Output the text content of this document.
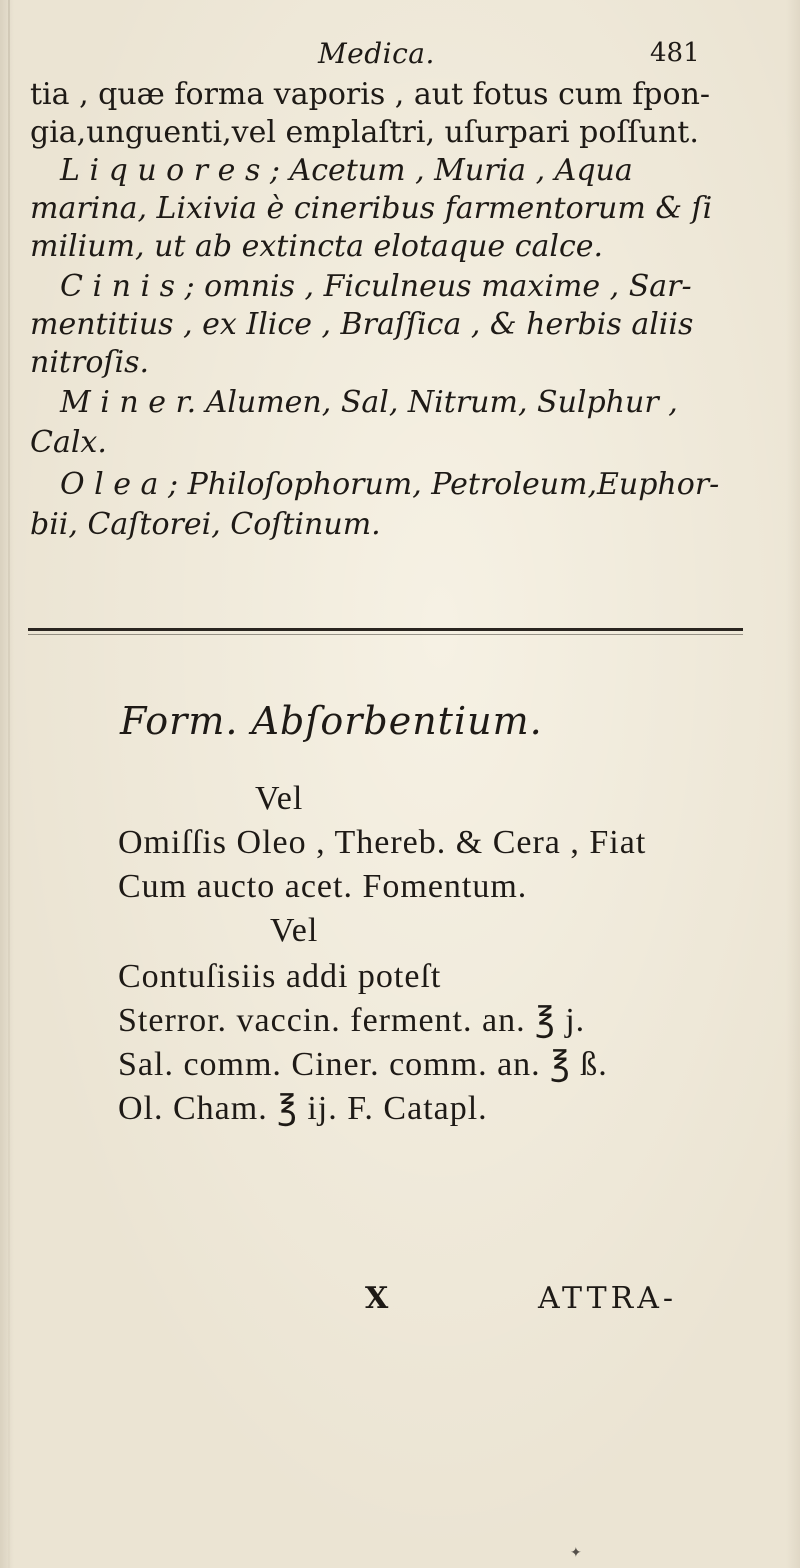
Medica.	481
tia , quæ forma vaporis , aut fotus cum fpon-
gia,unguenti,vel emplaſtri, uſurpari poſſunt.
L i q u o r e s ; Acetum , Muria , Aqua
marina, Lixivia è cineribus farmentorum & ſi
milium, ut ab extincta elotaque calce.
C i n i s ; omnis , Ficulneus maxime , Sar-
mentitius , ex Ilice , Braſſica , & herbis aliis
nitroſis.
M i n e r. Alumen, Sal, Nitrum, Sulphur ,
Calx.
O l e a ; Philoſophorum, Petroleum,Euphor-
bii, Caſtorei, Coſtinum.
Form. Abſorbentium.
Vel
Omiſſis Oleo , Thereb. & Cera , Fiat
Cum aucto acet. Fomentum.
Vel
Contuſisiis addi poteſt
Sterror. vaccin. ferment. an. ℥ j.
Sal. comm. Ciner. comm. an. ℥ ß.
Ol. Cham. ℥ ij. F. Catapl.
X	ATTRA-
✦
